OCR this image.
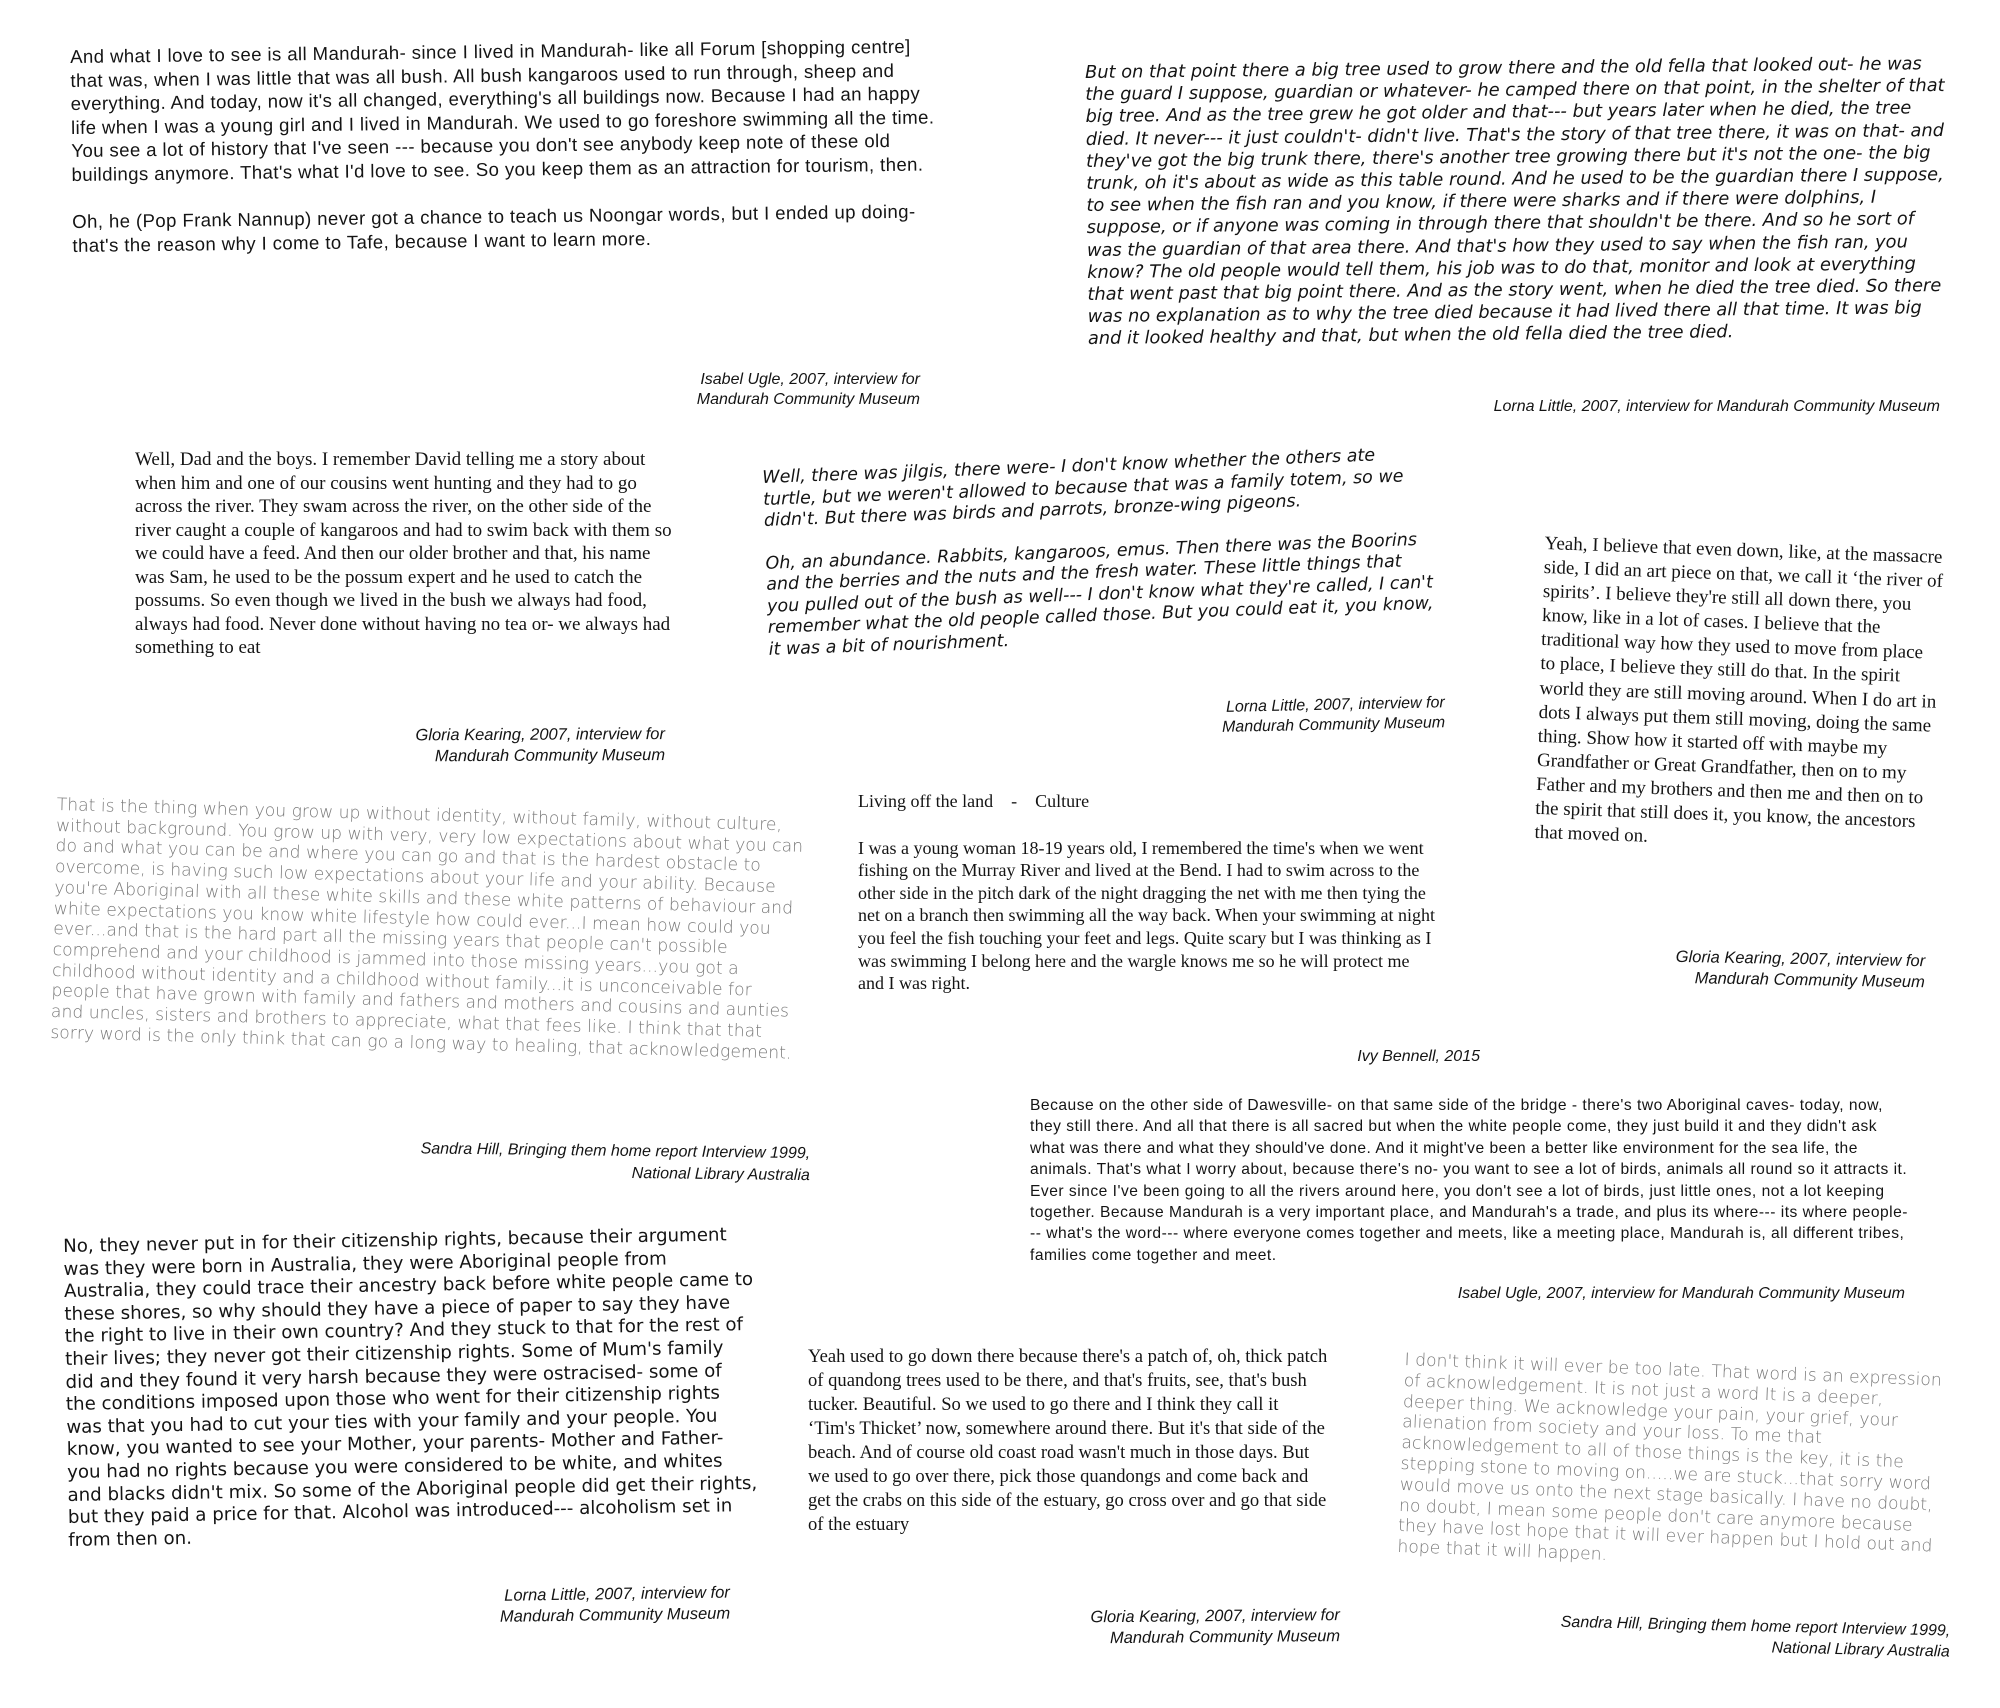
And what I love to see is all Mandurah- since I lived in Mandurah- like all Forum [shopping centre] that was, when I was little that was all bush. All bush kangaroos used to run through, sheep and everything. And today, now it's all changed, everything's all buildings now. Because I had an happy life when I was a young girl and I lived in Mandurah. We used to go foreshore swimming all the time. You see a lot of history that I've seen --- because you don't see anybody keep note of these old buildings anymore. That's what I'd love to see. So you keep them as an attraction for tourism, then.

Oh, he (Pop Frank Nannup) never got a chance to teach us Noongar words, but I ended up doing- that's the reason why I come to Tafe, because I want to learn more.

Isabel Ugle, 2007, interview for
Mandurah Community Museum

But on that point there a big tree used to grow there and the old fella that looked out- he was the guard I suppose, guardian or whatever- he camped there on that point, in the shelter of that big tree. And as the tree grew he got older and that--- but years later when he died, the tree died. It never--- it just couldn't- didn't live. That's the story of that tree there, it was on that- and they've got the big trunk there, there's another tree growing there but it's not the one- the big trunk, oh it's about as wide as this table round. And he used to be the guardian there I suppose, to see when the fish ran and you know, if there were sharks and if there were dolphins, I suppose, or if anyone was coming in through there that shouldn't be there. And so he sort of was the guardian of that area there. And that's how they used to say when the fish ran, you know? The old people would tell them, his job was to do that, monitor and look at everything that went past that big point there. And as the story went, when he died the tree died. So there was no explanation as to why the tree died because it had lived there all that time. It was big and it looked healthy and that, but when the old fella died the tree died.

Lorna Little, 2007, interview for Mandurah Community Museum

Well, Dad and the boys. I remember David telling me a story about when him and one of our cousins went hunting and they had to go across the river. They swam across the river, on the other side of the river caught a couple of kangaroos and had to swim back with them so we could have a feed. And then our older brother and that, his name was Sam, he used to be the possum expert and he used to catch the possums. So even though we lived in the bush we always had food, always had food. Never done without having no tea or- we always had something to eat

Gloria Kearing, 2007, interview for
Mandurah Community Museum

Well, there was jilgis, there were- I don't know whether the others ate turtle, but we weren't allowed to because that was a family totem, so we didn't. But there was birds and parrots, bronze-wing pigeons.

Oh, an abundance. Rabbits, kangaroos, emus. Then there was the Boorins and the berries and the nuts and the fresh water. These little things that you pulled out of the bush as well--- I don't know what they're called, I can't remember what the old people called those. But you could eat it, you know, it was a bit of nourishment.

Lorna Little, 2007, interview for
Mandurah Community Museum

Yeah, I believe that even down, like, at the massacre side, I did an art piece on that, we call it ‘the river of spirits’. I believe they're still all down there, you know, like in a lot of cases. I believe that the traditional way how they used to move from place to place, I believe they still do that. In the spirit world they are still moving around. When I do art in dots I always put them still moving, doing the same thing. Show how it started off with maybe my Grandfather or Great Grandfather, then on to my Father and my brothers and then me and then on to the spirit that still does it, you know, the ancestors that moved on.

Gloria Kearing, 2007, interview for
Mandurah Community Museum

That is the thing when you grow up without identity, without family, without culture, without background. You grow up with very, very low expectations about what you can do and what you can be and where you can go and that is the hardest obstacle to overcome, is having such low expectations about your life and your ability. Because you're Aboriginal with all these white skills and these white patterns of behaviour and white expectations you know white lifestyle how could ever...I mean how could you ever...and that is the hard part all the missing years that people can't possible comprehend and your childhood is jammed into those missing years...you got a childhood without identity and a childhood without family...it is unconceivable for people that have grown with family and fathers and mothers and cousins and aunties and uncles, sisters and brothers to appreciate, what that fees like. I think that that sorry word is the only think that can go a long way to healing, that acknowledgement.

Sandra Hill, Bringing them home report Interview 1999,
National Library Australia

Living off the land    -    Culture

I was a young woman 18-19 years old, I remembered the time's when we went fishing on the Murray River and lived at the Bend. I had to swim across to the other side in the pitch dark of the night dragging the net with me then tying the net on a branch then swimming all the way back. When your swimming at night you feel the fish touching your feet and legs. Quite scary but I was thinking as I was swimming I belong here and the wargle knows me so he will protect me and I was right.

Ivy Bennell, 2015

Because on the other side of Dawesville- on that same side of the bridge - there's two Aboriginal caves- today, now, they still there. And all that there is all sacred but when the white people come, they just build it and they didn't ask what was there and what they should've done. And it might've been a better like environment for the sea life, the animals. That's what I worry about, because there's no- you want to see a lot of birds, animals all round so it attracts it. Ever since I've been going to all the rivers around here, you don't see a lot of birds, just little ones, not a lot keeping together. Because Mandurah is a very important place, and Mandurah's a trade, and plus its where--- its where people--- what's the word--- where everyone comes together and meets, like a meeting place, Mandurah is, all different tribes, families come together and meet.

Isabel Ugle, 2007, interview for Mandurah Community Museum

No, they never put in for their citizenship rights, because their argument was they were born in Australia, they were Aboriginal people from Australia, they could trace their ancestry back before white people came to these shores, so why should they have a piece of paper to say they have the right to live in their own country? And they stuck to that for the rest of their lives; they never got their citizenship rights. Some of Mum's family did and they found it very harsh because they were ostracised- some of the conditions imposed upon those who went for their citizenship rights was that you had to cut your ties with your family and your people. You know, you wanted to see your Mother, your parents- Mother and Father- you had no rights because you were considered to be white, and whites and blacks didn't mix. So some of the Aboriginal people did get their rights, but they paid a price for that. Alcohol was introduced--- alcoholism set in from then on.

Lorna Little, 2007, interview for
Mandurah Community Museum

Yeah used to go down there because there's a patch of, oh, thick patch of quandong trees used to be there, and that's fruits, see, that's bush tucker. Beautiful. So we used to go there and I think they call it ‘Tim's Thicket’ now, somewhere around there. But it's that side of the beach. And of course old coast road wasn't much in those days. But we used to go over there, pick those quandongs and come back and get the crabs on this side of the estuary, go cross over and go that side of the estuary

Gloria Kearing, 2007, interview for
Mandurah Community Museum

I don't think it will ever be too late. That word is an expression of acknowledgement. It is not just a word It is a deeper, deeper thing. We acknowledge your pain, your grief, your alienation from society and your loss. To me that acknowledgement to all of those things is the key, it is the stepping stone to moving on.....we are stuck...that sorry word would move us onto the next stage basically. I have no doubt, no doubt, I mean some people don't care anymore because they have lost hope that it will ever happen but I hold out and hope that it will happen.

Sandra Hill, Bringing them home report Interview 1999,
National Library Australia
